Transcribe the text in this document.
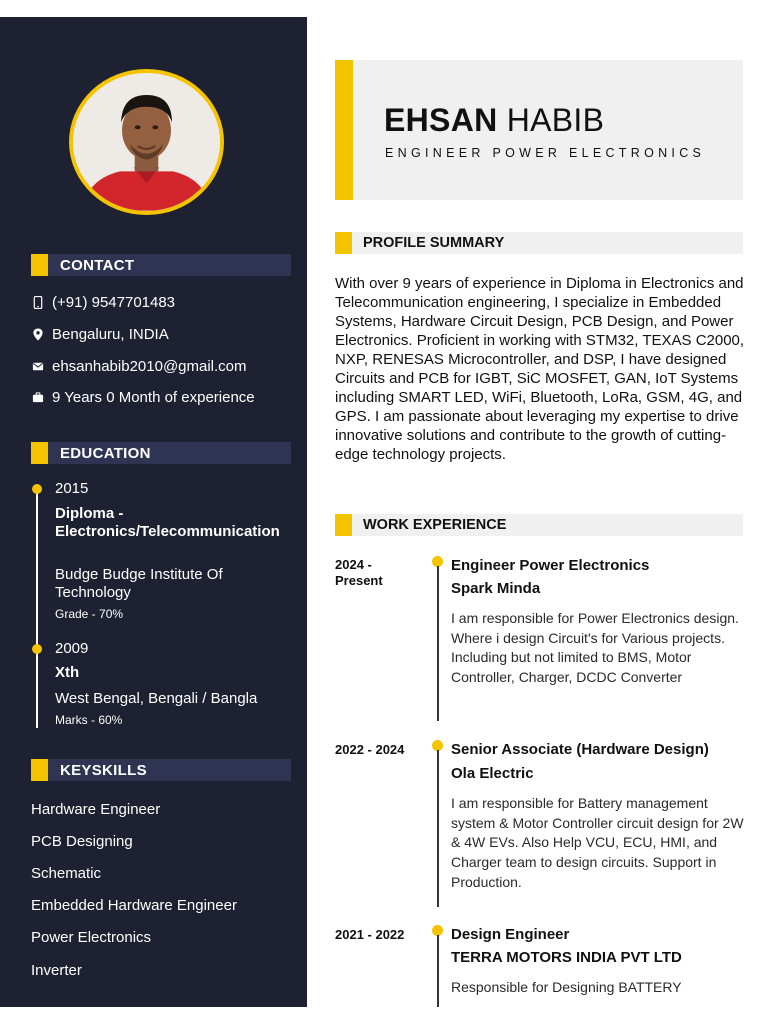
CONTACT
(+91) 9547701483
Bengaluru, INDIA
ehsanhabib2010@gmail.com
9 Years 0 Month of experience
EDUCATION
2015
Diploma - Electronics/Telecommunication
Budge Budge Institute Of Technology
Grade - 70%
2009
Xth
West Bengal, Bengali / Bangla
Marks - 60%
KEYSKILLS
Hardware Engineer
PCB Designing
Schematic
Embedded Hardware Engineer
Power Electronics
Inverter
EHSAN HABIB
ENGINEER POWER ELECTRONICS
PROFILE SUMMARY
With over 9 years of experience in Diploma in Electronics and Telecommunication engineering, I specialize in Embedded Systems, Hardware Circuit Design, PCB Design, and Power Electronics. Proficient in working with STM32, TEXAS C2000, NXP, RENESAS Microcontroller, and DSP, I have designed Circuits and PCB for IGBT, SiC MOSFET, GAN, IoT Systems including SMART LED, WiFi, Bluetooth, LoRa, GSM, 4G, and GPS. I am passionate about leveraging my expertise to drive innovative solutions and contribute to the growth of cutting-edge technology projects.
WORK EXPERIENCE
2024 - Present
Engineer Power Electronics
Spark Minda
I am responsible for Power Electronics design. Where i design Circuit's for Various projects. Including but not limited to BMS, Motor Controller, Charger, DCDC Converter
2022 - 2024	Senior Associate (Hardware Design)
Ola Electric
I am responsible for Battery management system & Motor Controller circuit design for 2W & 4W EVs. Also Help VCU, ECU, HMI, and Charger team to design circuits. Support in Production.
2021 - 2022	Design Engineer
TERRA MOTORS INDIA PVT LTD
Responsible for Designing BATTERY
